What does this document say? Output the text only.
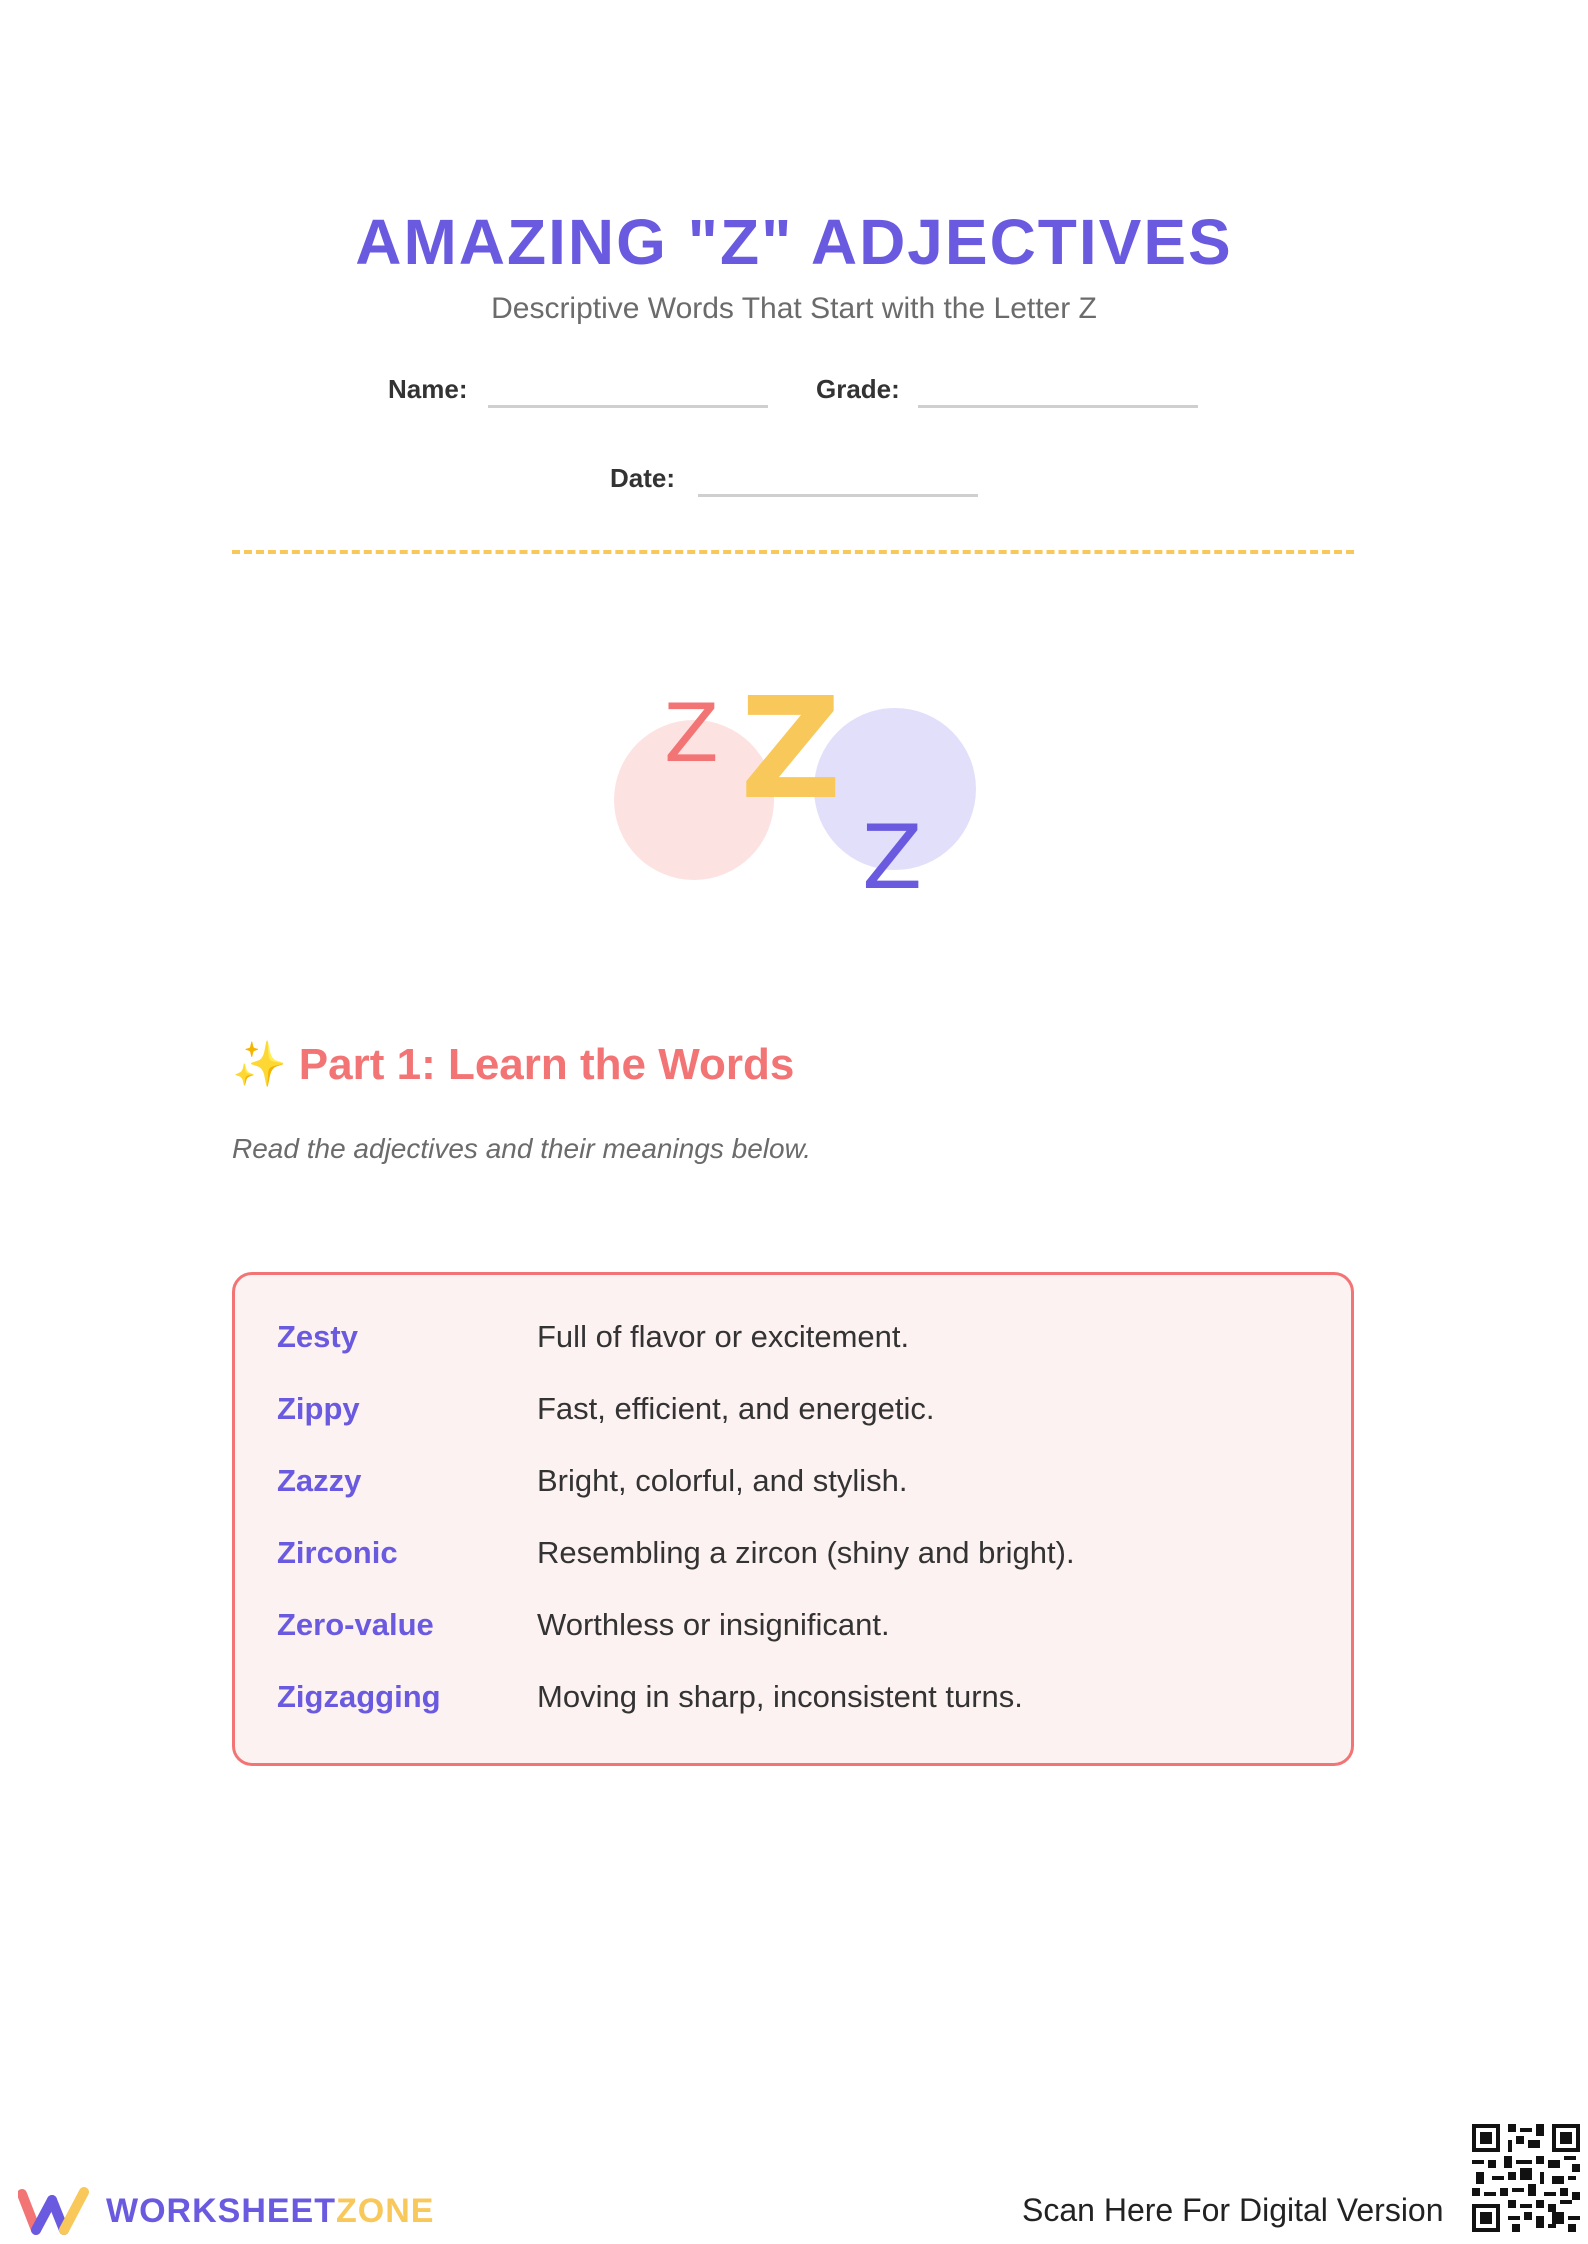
AMAZING "Z" ADJECTIVES
Descriptive Words That Start with the Letter Z
Name:	Grade:
Date:
Z Z
Z
✨ Part 1: Learn the Words
Read the adjectives and their meanings below.
Zesty	Full of flavor or excitement.
Zippy	Fast, efficient, and energetic.
Zazzy	Bright, colorful, and stylish.
Zirconic	Resembling a zircon (shiny and bright).
Zero-value	Worthless or insignificant.
Zigzagging	Moving in sharp, inconsistent turns.
WORKSHEETZONE	Scan Here For Digital Version
